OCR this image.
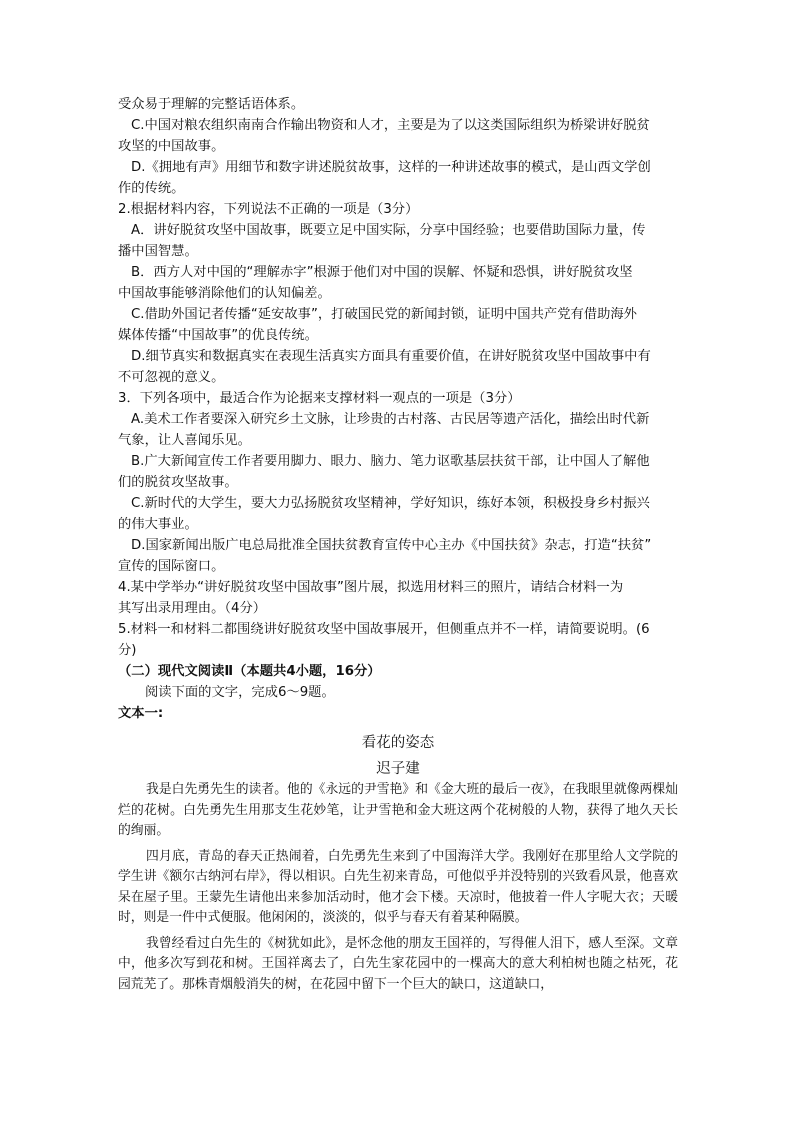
受众易于理解的完整话语体系。

C.中国对粮农组织南南合作输出物资和人才，主要是为了以这类国际组织为桥梁讲好脱贫

攻坚的中国故事。

D.《拥地有声》用细节和数字讲述脱贫故事，这样的一种讲述故事的模式，是山西文学创

作的传统。

2.根据材料内容，下列说法不正确的一项是（3分）

A．讲好脱贫攻坚中国故事，既要立足中国实际，分享中国经验；也要借助国际力量，传

播中国智慧。

B．西方人对中国的“理解赤字”根源于他们对中国的误解、怀疑和恐惧，讲好脱贫攻坚

中国故事能够消除他们的认知偏差。

C.借助外国记者传播“延安故事”，打破国民党的新闻封锁，证明中国共产党有借助海外

媒体传播“中国故事”的优良传统。

D.细节真实和数据真实在表现生活真实方面具有重要价值，在讲好脱贫攻坚中国故事中有

不可忽视的意义。

3．下列各项中，最适合作为论据来支撑材料一观点的一项是（3分）

A.美术工作者要深入研究乡土文脉，让珍贵的古村落、古民居等遗产活化，描绘出时代新

气象，让人喜闻乐见。

B.广大新闻宣传工作者要用脚力、眼力、脑力、笔力讴歌基层扶贫干部，让中国人了解他

们的脱贫攻坚故事。

C.新时代的大学生，要大力弘扬脱贫攻坚精神，学好知识，练好本领，积极投身乡村振兴

的伟大事业。

D.国家新闻出版广电总局批准全国扶贫教育宣传中心主办《中国扶贫》杂志，打造“扶贫”

宣传的国际窗口。

4.某中学举办“讲好脱贫攻坚中国故事”图片展，拟选用材料三的照片，请结合材料一为

其写出录用理由。（4分）

5.材料一和材料二都围绕讲好脱贫攻坚中国故事展开，但侧重点并不一样，请简要说明。(6

分)

（二）现代文阅读Ⅱ（本题共4小题，16分）

阅读下面的文字，完成6～9题。

文本一:

看花的姿态
迟子建

我是白先勇先生的读者。他的《永远的尹雪艳》和《金大班的最后一夜》，在我眼里就像两棵灿烂的花树。白先勇先生用那支生花妙笔，让尹雪艳和金大班这两个花树般的人物，获得了地久天长的绚丽。

四月底，青岛的春天正热闹着，白先勇先生来到了中国海洋大学。我刚好在那里给人文学院的学生讲《额尔古纳河右岸》，得以相识。白先生初来青岛，可他似乎并没特别的兴致看风景，他喜欢呆在屋子里。王蒙先生请他出来参加活动时，他才会下楼。天凉时，他披着一件人字呢大衣；天暖时，则是一件中式便服。他闲闲的，淡淡的，似乎与春天有着某种隔膜。

我曾经看过白先生的《树犹如此》，是怀念他的朋友王国祥的，写得催人泪下，感人至深。文章中，他多次写到花和树。王国祥离去了，白先生家花园中的一棵高大的意大利柏树也随之枯死，花园荒芜了。那株青烟般消失的树，在花园中留下一个巨大的缺口，这道缺口，
